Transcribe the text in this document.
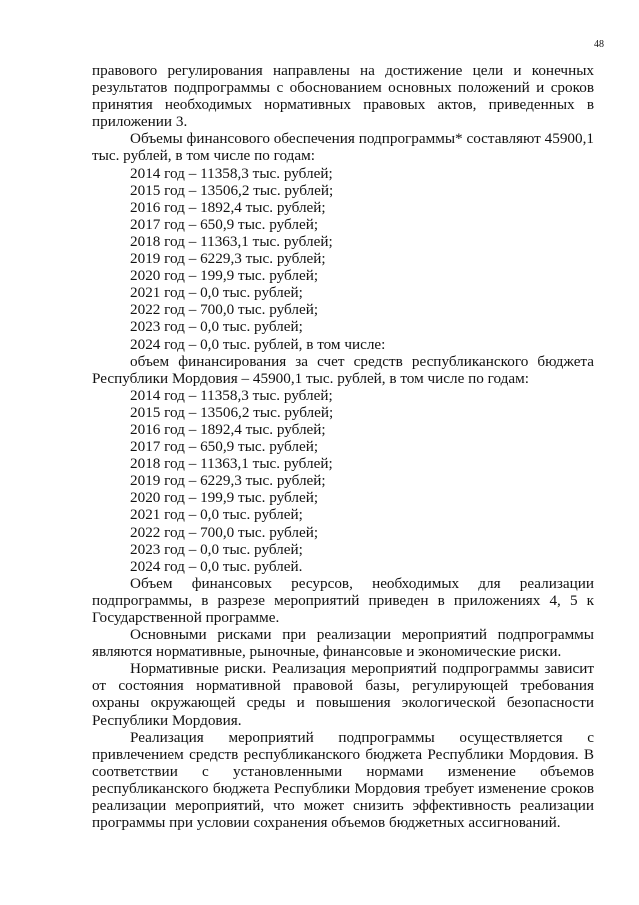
48

правового регулирования направлены на достижение цели и конечных результатов подпрограммы с обоснованием основных положений и сроков принятия необходимых нормативных правовых актов, приведенных в приложении 3.

Объемы финансового обеспечения подпрограммы* составляют 45900,1 тыс. рублей, в том числе по годам:

2014 год – 11358,3 тыс. рублей;
2015 год – 13506,2 тыс. рублей;
2016 год – 1892,4 тыс. рублей;
2017 год – 650,9 тыс. рублей;
2018 год – 11363,1 тыс. рублей;
2019 год – 6229,3 тыс. рублей;
2020 год – 199,9 тыс. рублей;
2021 год – 0,0 тыс. рублей;
2022 год – 700,0 тыс. рублей;
2023 год – 0,0 тыс. рублей;
2024 год – 0,0 тыс. рублей, в том числе:

объем финансирования за счет средств республиканского бюджета Республики Мордовия – 45900,1 тыс. рублей, в том числе по годам:

2014 год – 11358,3 тыс. рублей;
2015 год – 13506,2 тыс. рублей;
2016 год – 1892,4 тыс. рублей;
2017 год – 650,9 тыс. рублей;
2018 год – 11363,1 тыс. рублей;
2019 год – 6229,3 тыс. рублей;
2020 год – 199,9 тыс. рублей;
2021 год – 0,0 тыс. рублей;
2022 год – 700,0 тыс. рублей;
2023 год – 0,0 тыс. рублей;
2024 год – 0,0 тыс. рублей.

Объем финансовых ресурсов, необходимых для реализации подпрограммы, в разрезе мероприятий приведен в приложениях 4, 5 к Государственной программе.

Основными рисками при реализации мероприятий подпрограммы являются нормативные, рыночные, финансовые и экономические риски.

Нормативные риски. Реализация мероприятий подпрограммы зависит от состояния нормативной правовой базы, регулирующей требования охраны окружающей среды и повышения экологической безопасности Республики Мордовия.

Реализация мероприятий подпрограммы осуществляется с привлечением средств республиканского бюджета Республики Мордовия. В соответствии с установленными нормами изменение объемов республиканского бюджета Республики Мордовия требует изменение сроков реализации мероприятий, что может снизить эффективность реализации программы при условии сохранения объемов бюджетных ассигнований.
